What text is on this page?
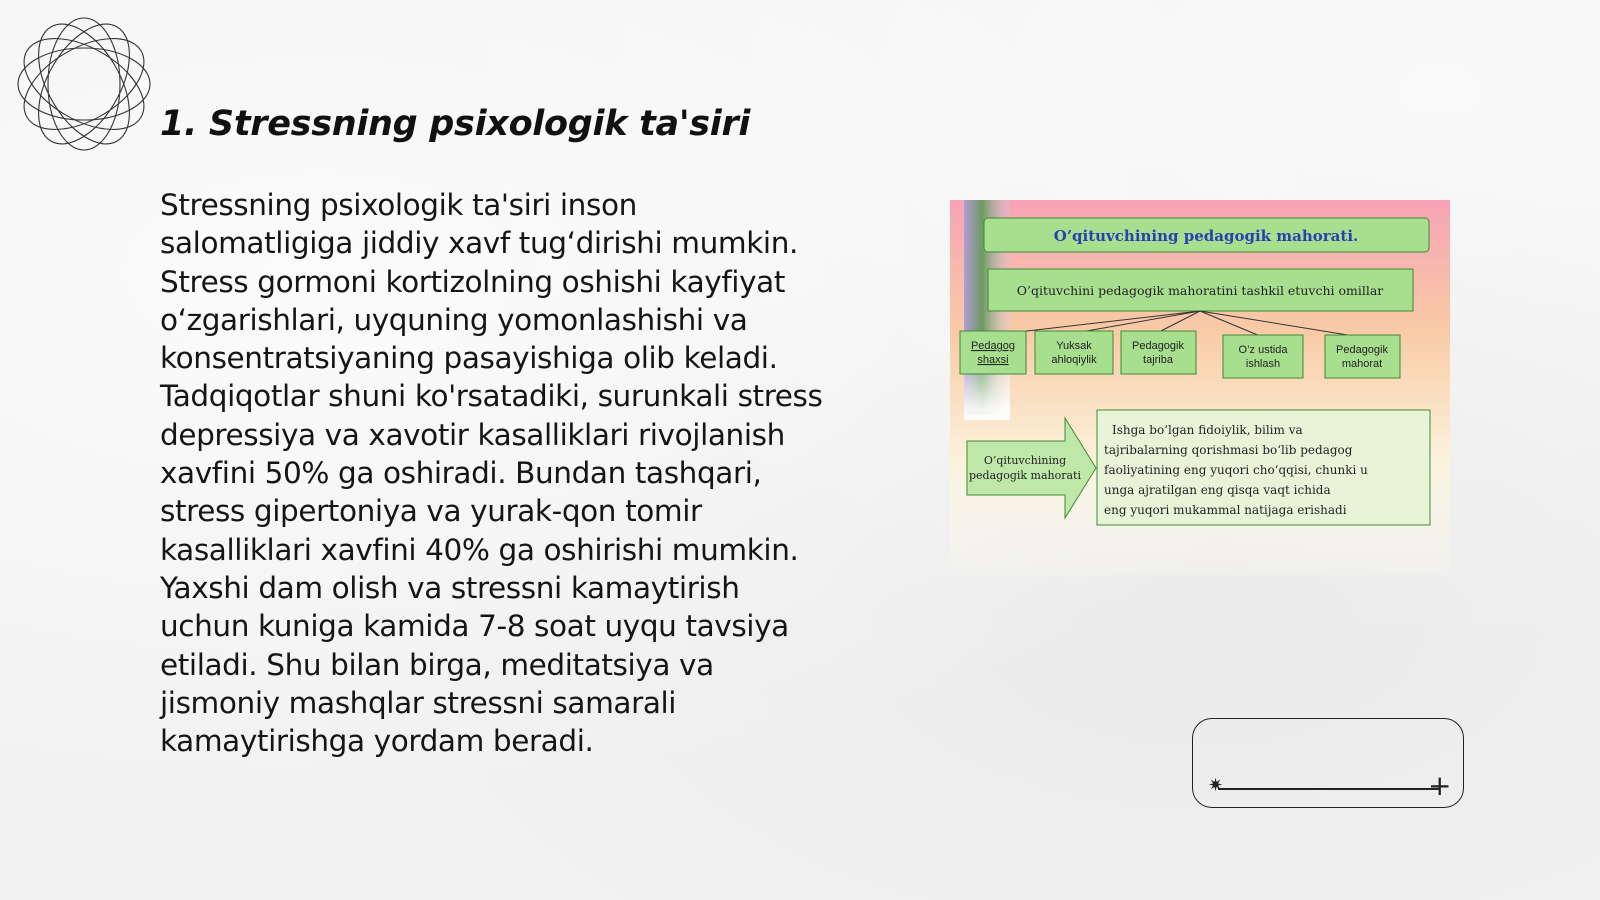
1. Stressning psixologik ta'siri

Stressning psixologik ta'siri inson salomatligiga jiddiy xavf tug‘dirishi mumkin. Stress gormoni kortizolning oshishi kayfiyat o‘zgarishlari, uyquning yomonlashishi va konsentratsiyaning pasayishiga olib keladi. Tadqiqotlar shuni ko'rsatadiki, surunkali stress depressiya va xavotir kasalliklari rivojlanish xavfini 50% ga oshiradi. Bundan tashqari, stress gipertoniya va yurak-qon tomir kasalliklari xavfini 40% ga oshirishi mumkin. Yaxshi dam olish va stressni kamaytirish uchun kuniga kamida 7-8 soat uyqu tavsiya etiladi. Shu bilan birga, meditatsiya va jismoniy mashqlar stressni samarali kamaytirishga yordam beradi.

O’qituvchining pedagogik mahorati.
O’qituvchini pedagogik mahoratini tashkil etuvchi omillar
Pedagog
shaxsi
Yuksak
ahloqiylik
Pedagogik
tajriba
O’z ustida
ishlash
Pedagogik
mahorat
O’qituvchining
pedagogik mahorati
Ishga bo‘lgan fidoiylik, bilim va
tajribalarning qorishmasi bo‘lib pedagog
faoliyatining eng yuqori cho‘qqisi, chunki u
unga ajratilgan eng qisqa vaqt ichida
eng yuqori mukammal natijaga erishadi
✷	+
